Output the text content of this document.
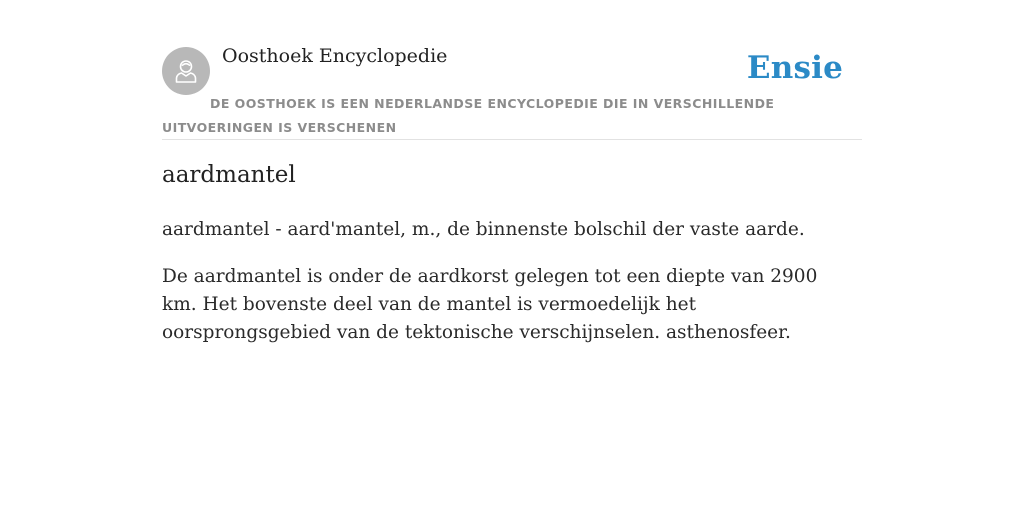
Oosthoek Encyclopedie	Ensie
DE OOSTHOEK IS EEN NEDERLANDSE ENCYCLOPEDIE DIE IN VERSCHILLENDE UITVOERINGEN IS VERSCHENEN
aardmantel

aardmantel - aard'mantel, m., de binnenste bolschil der vaste aarde.

De aardmantel is onder de aardkorst gelegen tot een diepte van 2900 km. Het bovenste deel van de mantel is vermoedelijk het oorsprongsgebied van de tektonische verschijnselen. asthenosfeer.
